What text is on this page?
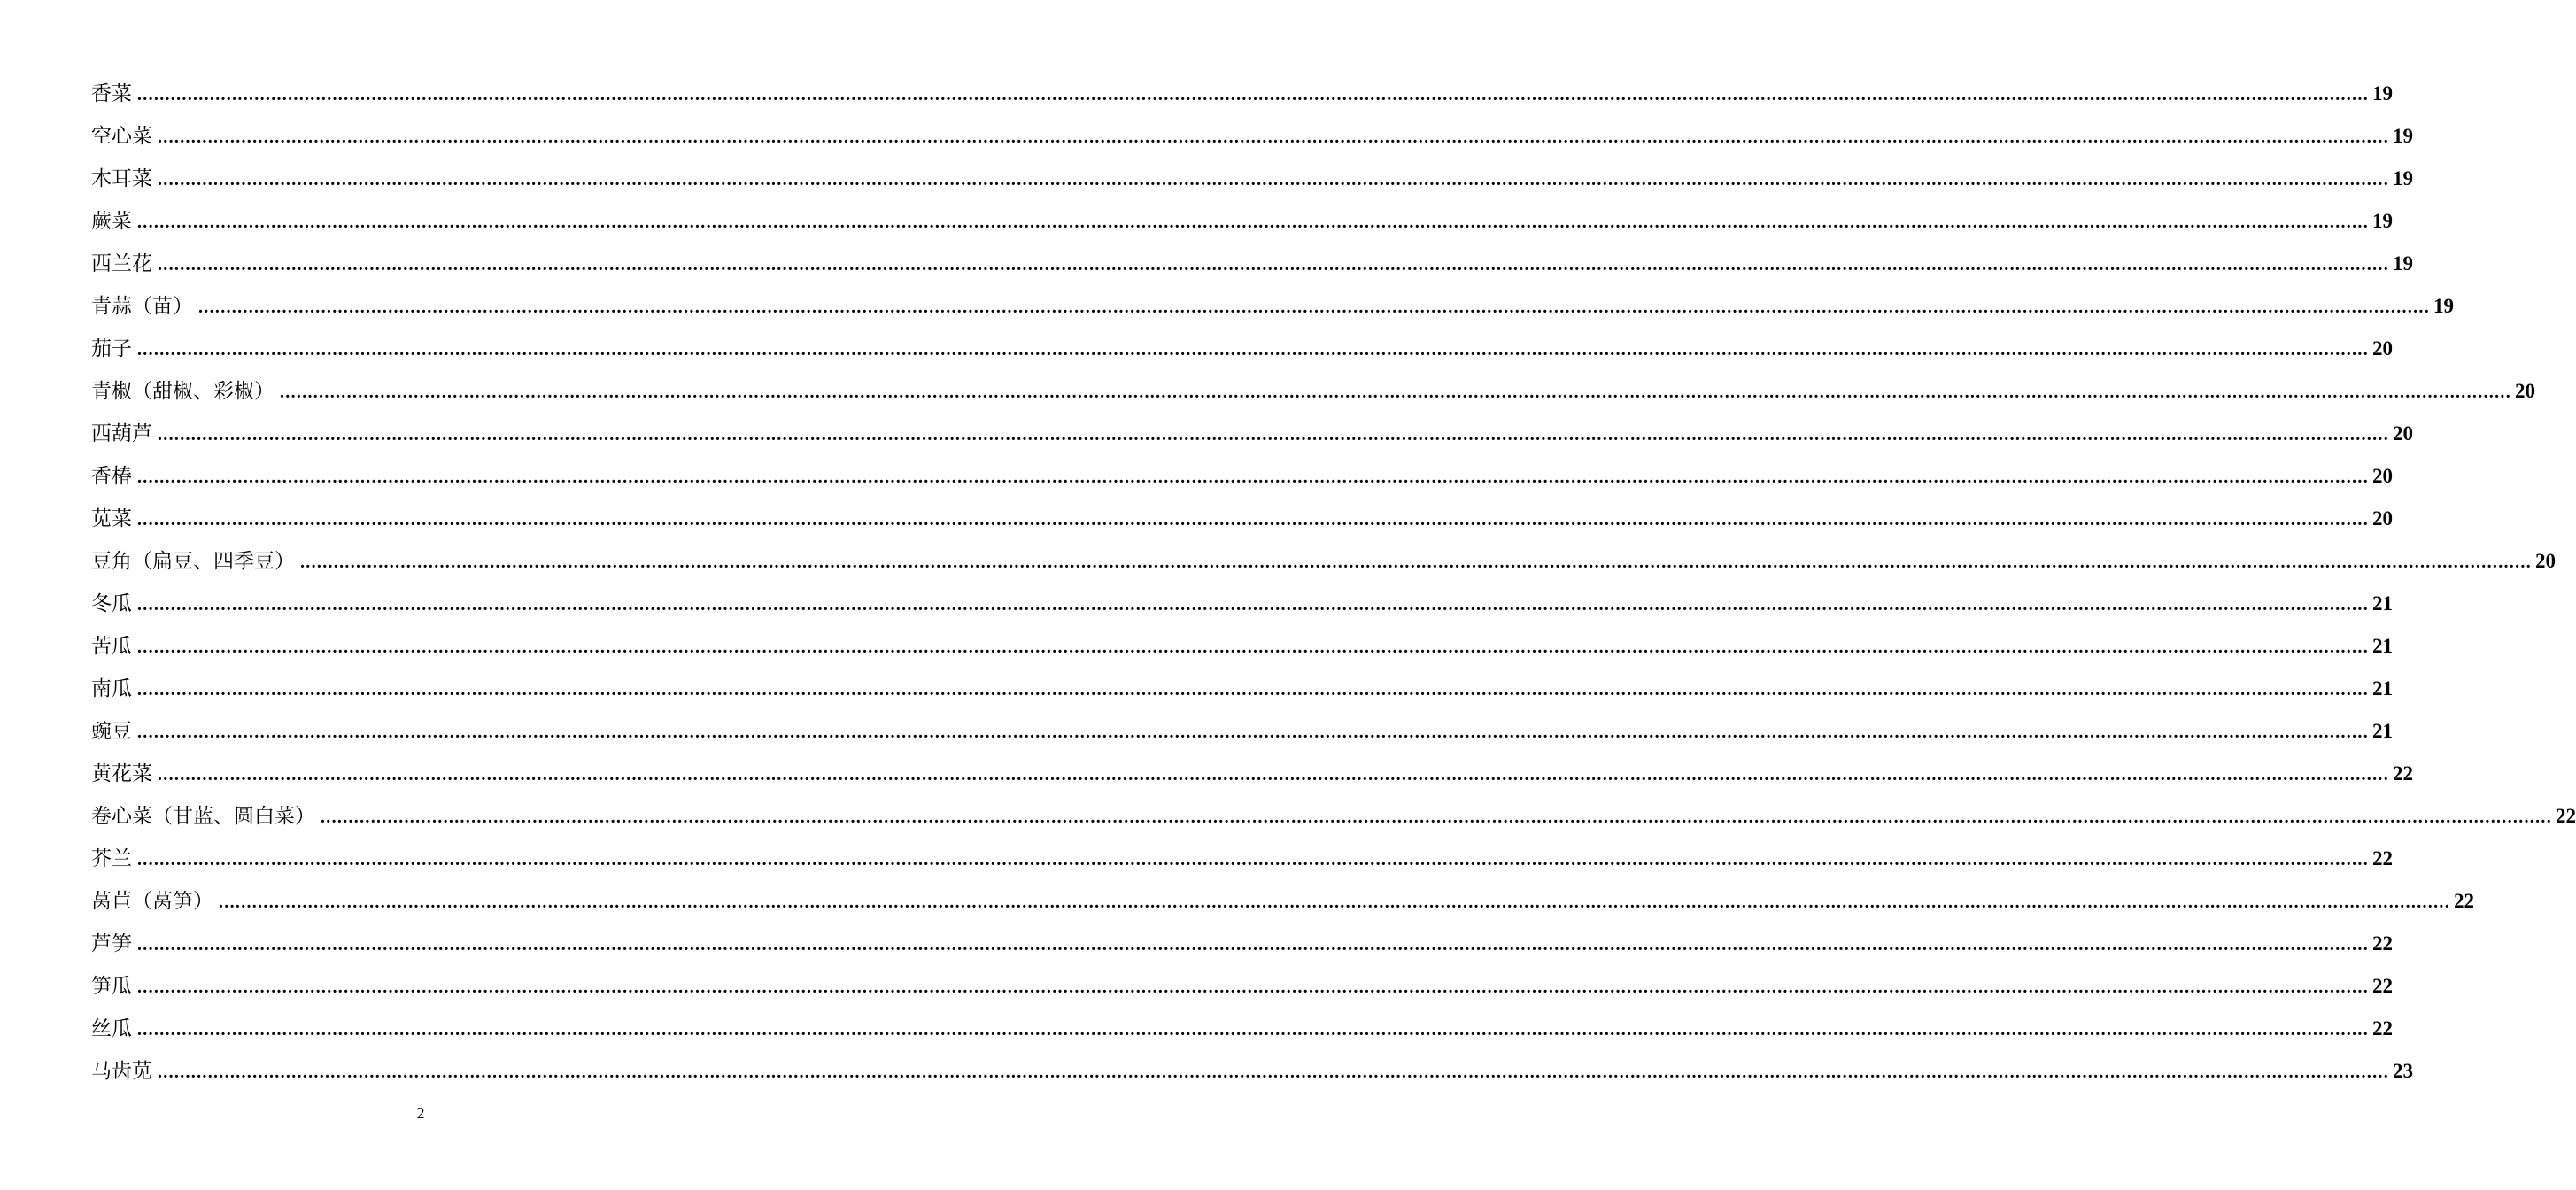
香菜 ................................................................................................................................................................................................................................................................................................................................................................................................................ 19
空心菜 ................................................................................................................................................................................................................................................................................................................................................................................................................ 19
木耳菜 ................................................................................................................................................................................................................................................................................................................................................................................................................ 19
蕨菜 ................................................................................................................................................................................................................................................................................................................................................................................................................ 19
西兰花 ................................................................................................................................................................................................................................................................................................................................................................................................................ 19
青蒜（苗） ................................................................................................................................................................................................................................................................................................................................................................................................................ 19
茄子 ................................................................................................................................................................................................................................................................................................................................................................................................................ 20
青椒（甜椒、彩椒） ................................................................................................................................................................................................................................................................................................................................................................................................................ 20
西葫芦 ................................................................................................................................................................................................................................................................................................................................................................................................................ 20
香椿 ................................................................................................................................................................................................................................................................................................................................................................................................................ 20
苋菜 ................................................................................................................................................................................................................................................................................................................................................................................................................ 20
豆角（扁豆、四季豆） ................................................................................................................................................................................................................................................................................................................................................................................................................ 20
冬瓜 ................................................................................................................................................................................................................................................................................................................................................................................................................ 21
苦瓜 ................................................................................................................................................................................................................................................................................................................................................................................................................ 21
南瓜 ................................................................................................................................................................................................................................................................................................................................................................................................................ 21
豌豆 ................................................................................................................................................................................................................................................................................................................................................................................................................ 21
黄花菜 ................................................................................................................................................................................................................................................................................................................................................................................................................ 22
卷心菜（甘蓝、圆白菜） ................................................................................................................................................................................................................................................................................................................................................................................................................ 22
芥兰 ................................................................................................................................................................................................................................................................................................................................................................................................................ 22
莴苣（莴笋） ................................................................................................................................................................................................................................................................................................................................................................................................................ 22
芦笋 ................................................................................................................................................................................................................................................................................................................................................................................................................ 22
笋瓜 ................................................................................................................................................................................................................................................................................................................................................................................................................ 22
丝瓜 ................................................................................................................................................................................................................................................................................................................................................................................................................ 22
马齿苋 ................................................................................................................................................................................................................................................................................................................................................................................................................ 23
2
